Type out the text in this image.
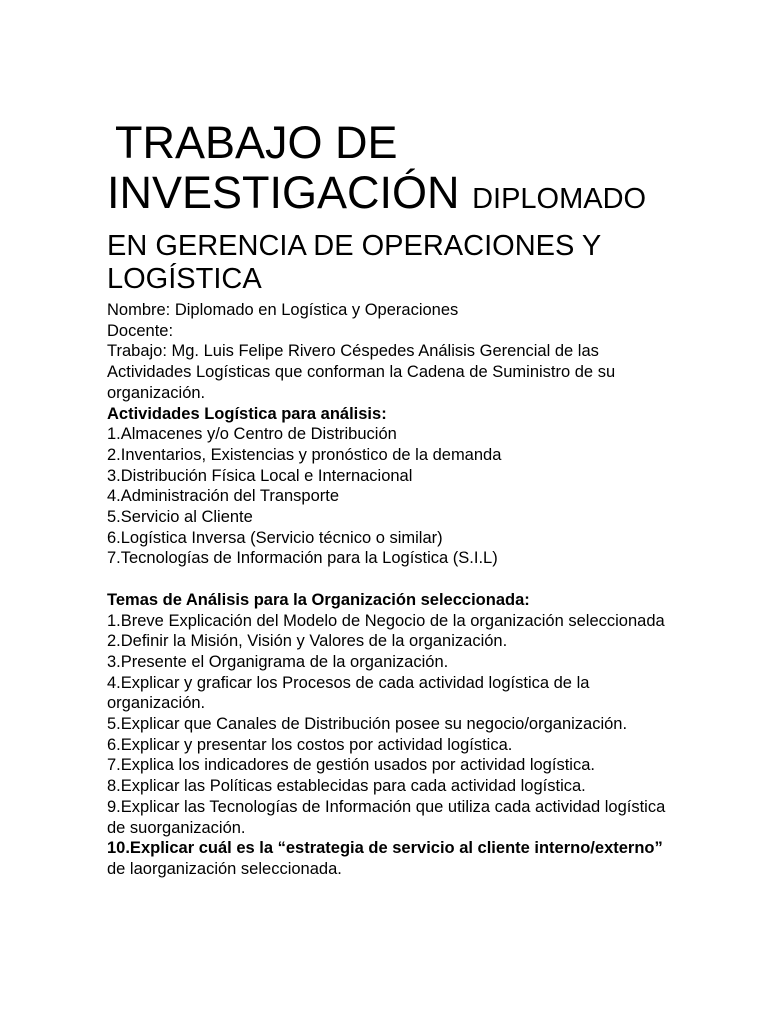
TRABAJO DE
INVESTIGACIÓN DIPLOMADO
EN GERENCIA DE OPERACIONES Y LOGÍSTICA

Nombre: Diplomado en Logística y Operaciones

Docente:

Trabajo: Mg. Luis Felipe Rivero Céspedes Análisis Gerencial de las Actividades Logísticas que conforman la Cadena de Suministro de su organización.

Actividades Logística para análisis:

1.Almacenes y/o Centro de Distribución
2.Inventarios, Existencias y pronóstico de la demanda
3.Distribución Física Local e Internacional
4.Administración del Transporte
5.Servicio al Cliente
6.Logística Inversa (Servicio técnico o similar)
7.Tecnologías de Información para la Logística (S.I.L)

Temas de Análisis para la Organización seleccionada:

1.Breve Explicación del Modelo de Negocio de la organización seleccionada
2.Definir la Misión, Visión y Valores de la organización.
3.Presente el Organigrama de la organización.
4.Explicar y graficar los Procesos de cada actividad logística de la organización.
5.Explicar que Canales de Distribución posee su negocio/organización.
6.Explicar y presentar los costos por actividad logística.
7.Explica los indicadores de gestión usados por actividad logística.
8.Explicar las Políticas establecidas para cada actividad logística.
9.Explicar las Tecnologías de Información que utiliza cada actividad logística de suorganización.

10.Explicar cuál es la “estrategia de servicio al cliente interno/externo”

de laorganización seleccionada.
